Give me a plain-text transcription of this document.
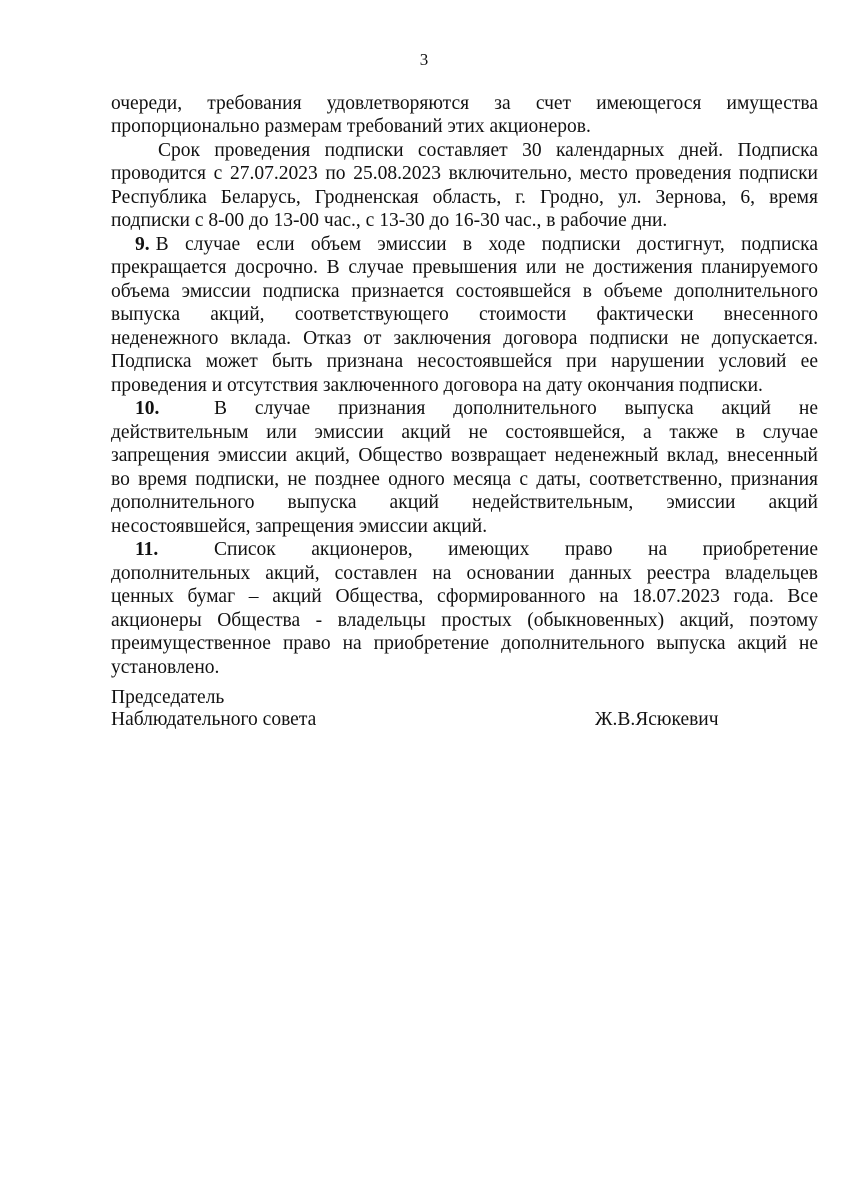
3
очереди, требования удовлетворяются за счет имеющегося имущества
пропорционально размерам требований этих акционеров.
Срок проведения подписки составляет 30 календарных дней. Подписка
проводится с 27.07.2023 по 25.08.2023 включительно, место проведения подписки
Республика Беларусь, Гродненская область, г. Гродно, ул. Зернова, 6, время
подписки с 8-00 до 13-00 час., с 13-30 до 16-30 час., в рабочие дни.
9. В случае если объем эмиссии в ходе подписки достигнут, подписка
прекращается досрочно. В случае превышения или не достижения планируемого
объема эмиссии подписка признается состоявшейся в объеме дополнительного
выпуска акций, соответствующего стоимости фактически внесенного
неденежного вклада. Отказ от заключения договора подписки не допускается.
Подписка может быть признана несостоявшейся при нарушении условий ее
проведения и отсутствия заключенного договора на дату окончания подписки.
10.	В случае признания дополнительного выпуска акций не
действительным или эмиссии акций не состоявшейся, а также в случае
запрещения эмиссии акций, Общество возвращает неденежный вклад, внесенный
во время подписки, не позднее одного месяца с даты, соответственно, признания
дополнительного выпуска акций недействительным, эмиссии акций
несостоявшейся, запрещения эмиссии акций.
11.	Список акционеров, имеющих право на приобретение
дополнительных акций, составлен на основании данных реестра владельцев
ценных бумаг – акций Общества, сформированного на 18.07.2023 года. Все
акционеры Общества - владельцы простых (обыкновенных) акций, поэтому
преимущественное право на приобретение дополнительного выпуска акций не
установлено.
Председатель
Наблюдательного совета	Ж.В.Ясюкевич
